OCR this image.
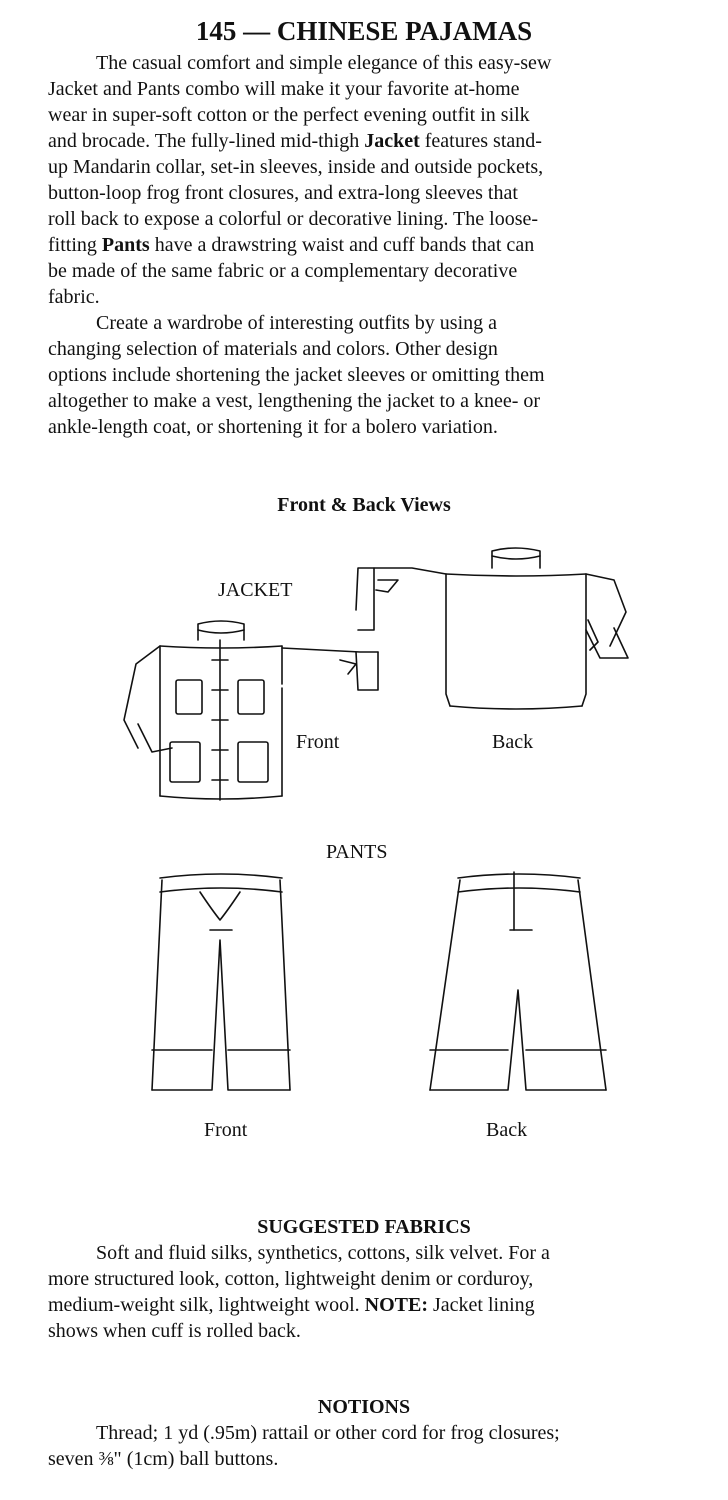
145 — CHINESE PAJAMAS

The casual comfort and simple elegance of this easy-sew
Jacket and Pants combo will make it your favorite at-home
wear in super-soft cotton or the perfect evening outfit in silk
and brocade. The fully-lined mid-thigh Jacket features stand-
up Mandarin collar, set-in sleeves, inside and outside pockets,
button-loop frog front closures, and extra-long sleeves that
roll back to expose a colorful or decorative lining. The loose-
fitting Pants have a drawstring waist and cuff bands that can
be made of the same fabric or a complementary decorative
fabric.

Create a wardrobe of interesting outfits by using a
changing selection of materials and colors. Other design
options include shortening the jacket sleeves or omitting them
altogether to make a vest, lengthening the jacket to a knee- or
ankle-length coat, or shortening it for a bolero variation.

Front & Back Views
JACKET
Front	Back
PANTS
Front	Back
SUGGESTED FABRICS

Soft and fluid silks, synthetics, cottons, silk velvet. For a
more structured look, cotton, lightweight denim or corduroy,
medium-weight silk, lightweight wool. NOTE: Jacket lining
shows when cuff is rolled back.

NOTIONS

Thread; 1 yd (.95m) rattail or other cord for frog closures;
seven ⅜" (1cm) ball buttons.
